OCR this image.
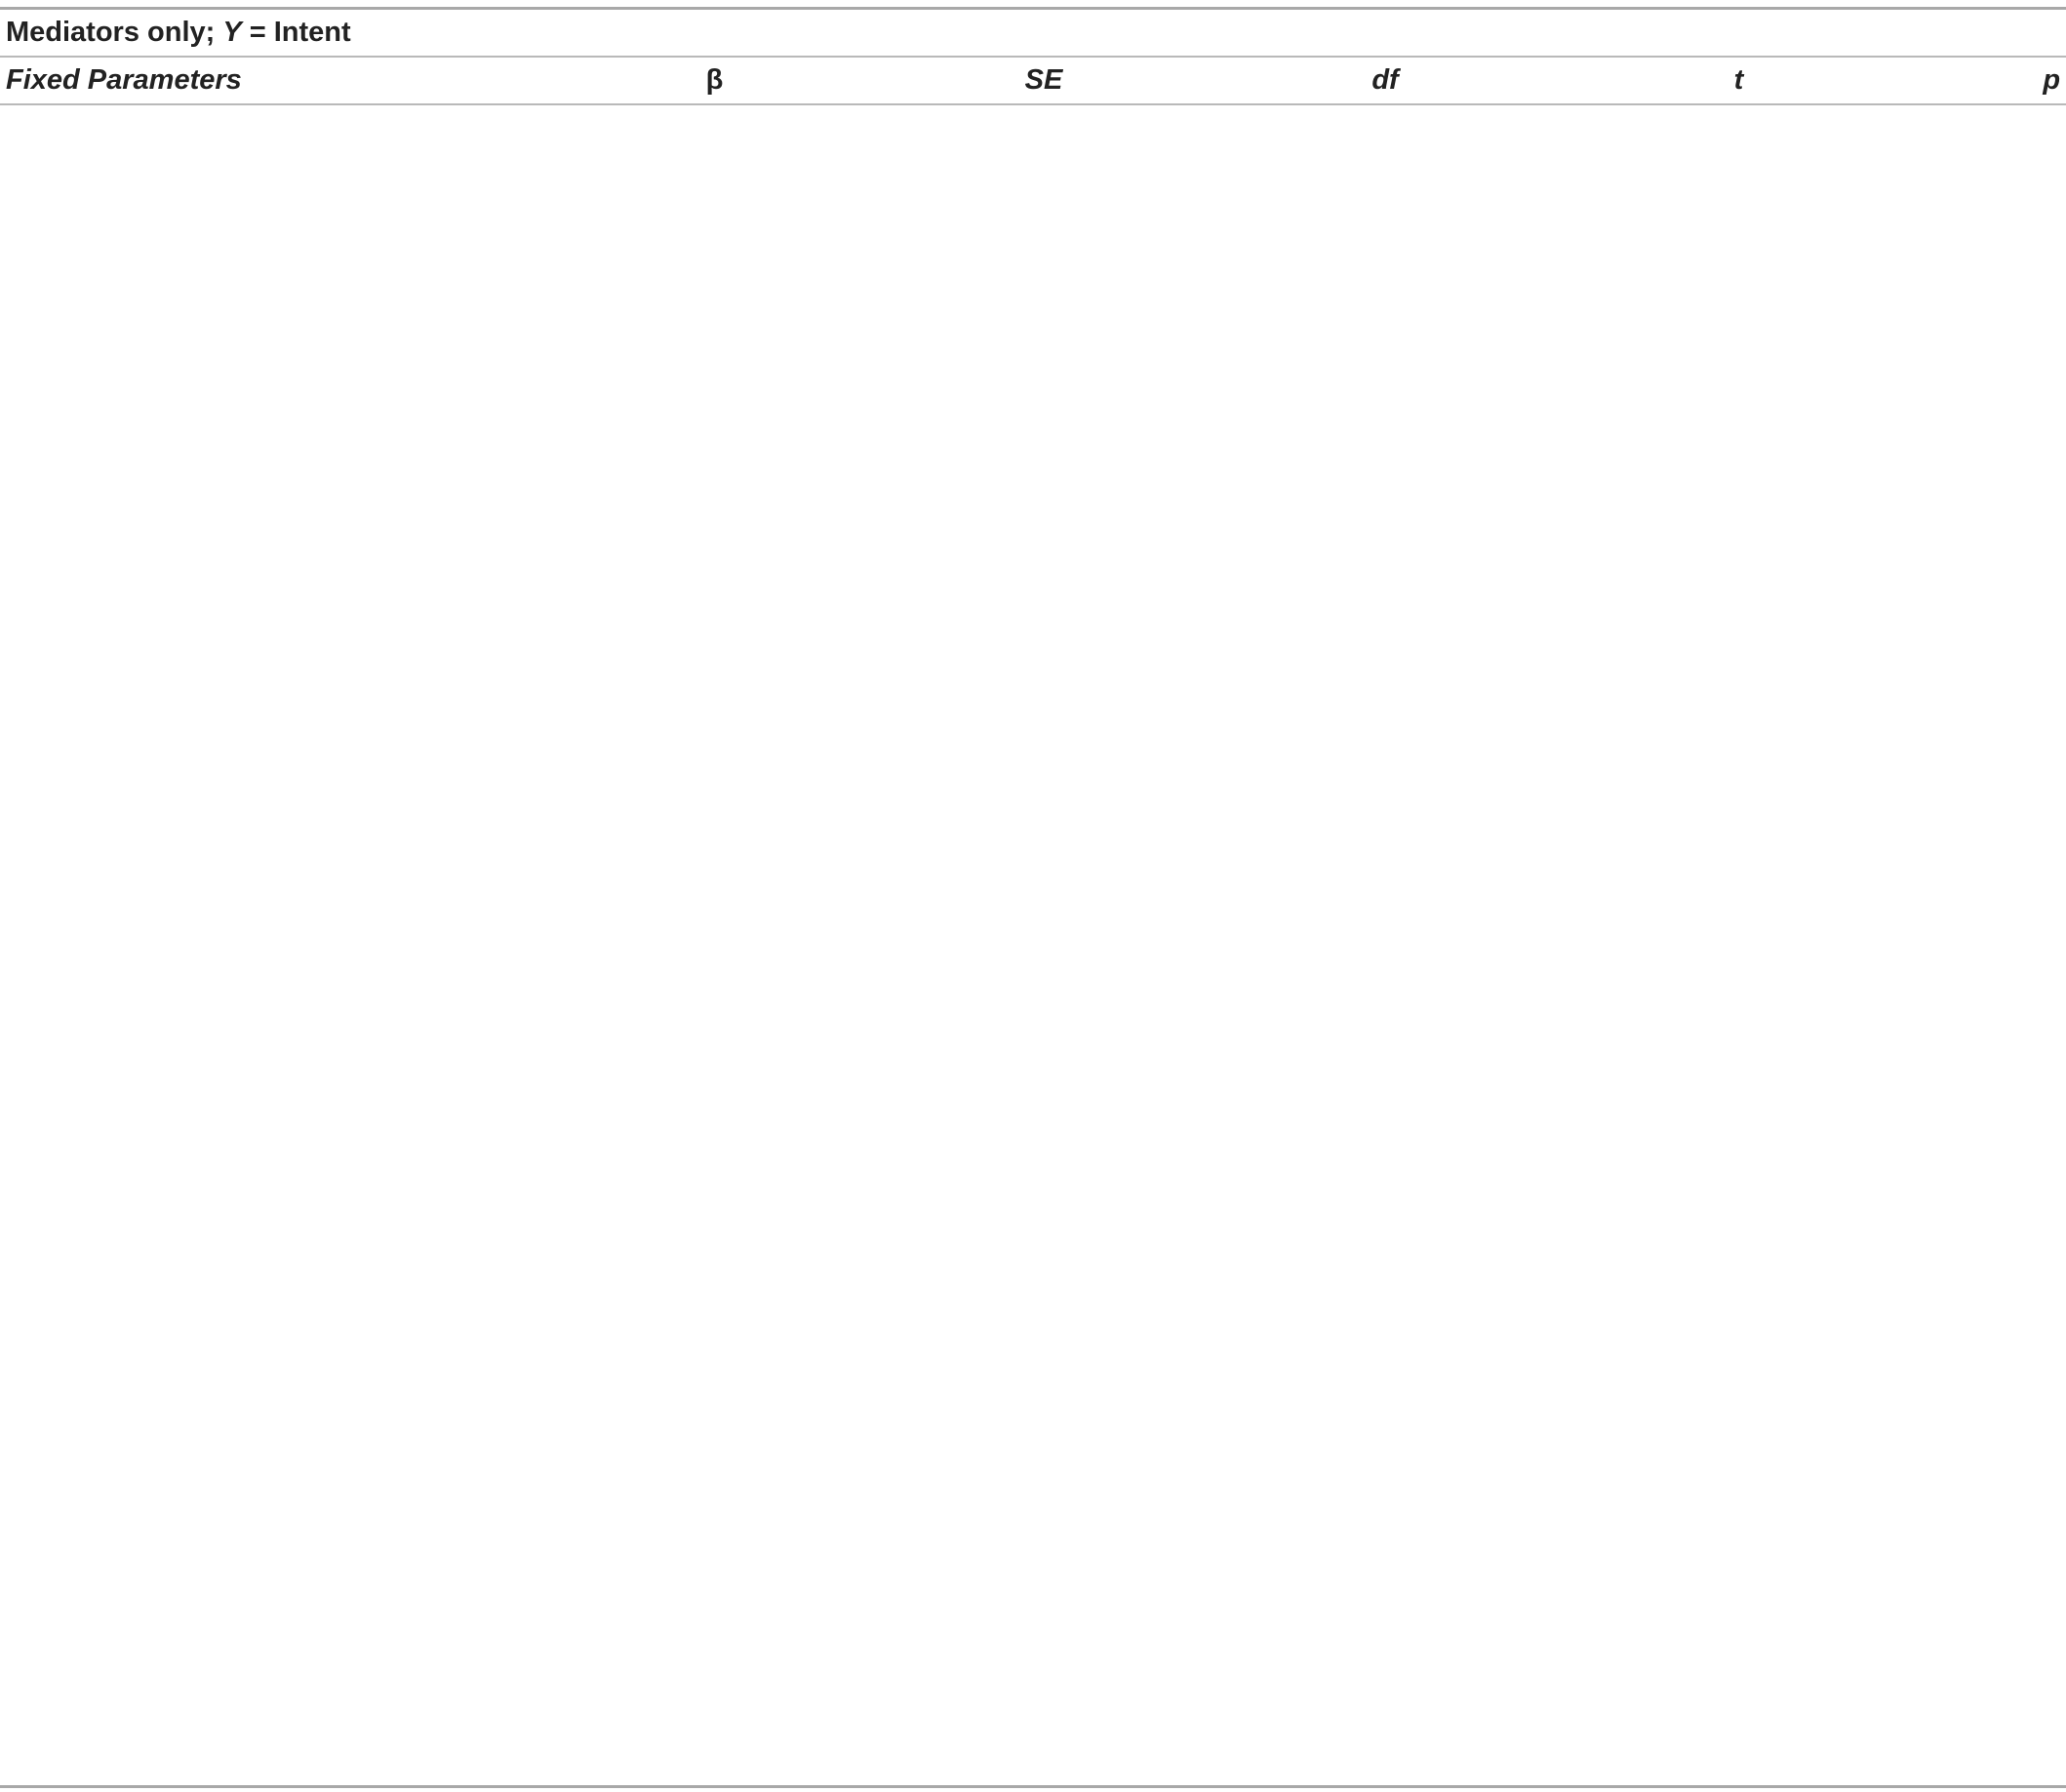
Mediators only; Y = Intent
Fixed Parameters	β	SE	df	t	p
